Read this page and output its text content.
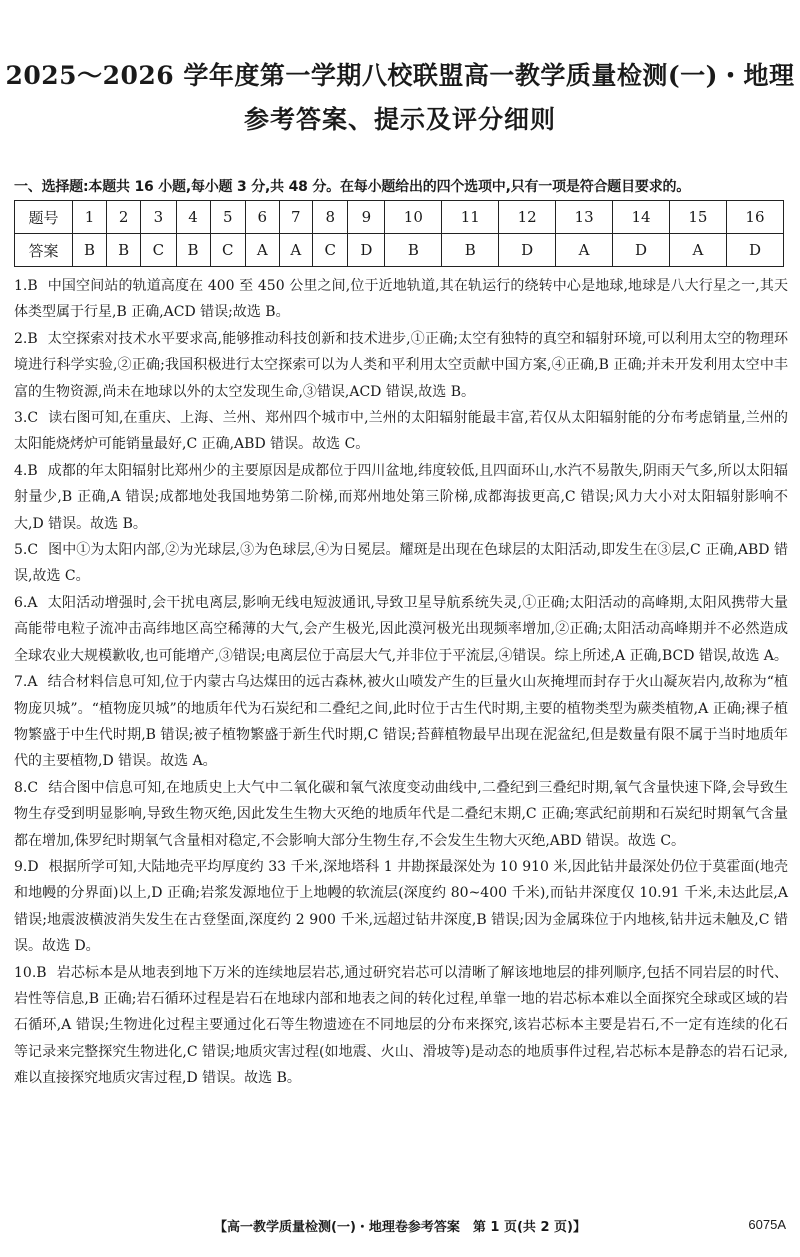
2025～2026 学年度第一学期八校联盟高一教学质量检测(一)・地理
参考答案、提示及评分细则
一、选择题:本题共 16 小题,每小题 3 分,共 48 分。在每小题给出的四个选项中,只有一项是符合题目要求的。
题号	1	2	3	4	5	6	7	8	9	10	11	12	13	14	15	16
答案	B	B	C	B	C	A	A	C	D	B	B	D	A	D	A	D
1.B 中国空间站的轨道高度在 400 至 450 公里之间,位于近地轨道,其在轨运行的绕转中心是地球,地球是八大行星之一,其天体类型属于行星,B 正确,ACD 错误;故选 B。
2.B 太空探索对技术水平要求高,能够推动科技创新和技术进步,①正确;太空有独特的真空和辐射环境,可以利用太空的物理环境进行科学实验,②正确;我国积极进行太空探索可以为人类和平利用太空贡献中国方案,④正确,B 正确;并未开发利用太空中丰富的生物资源,尚未在地球以外的太空发现生命,③错误,ACD 错误,故选 B。
3.C 读右图可知,在重庆、上海、兰州、郑州四个城市中,兰州的太阳辐射能最丰富,若仅从太阳辐射能的分布考虑销量,兰州的太阳能烧烤炉可能销量最好,C 正确,ABD 错误。故选 C。
4.B 成都的年太阳辐射比郑州少的主要原因是成都位于四川盆地,纬度较低,且四面环山,水汽不易散失,阴雨天气多,所以太阳辐射量少,B 正确,A 错误;成都地处我国地势第二阶梯,而郑州地处第三阶梯,成都海拔更高,C 错误;风力大小对太阳辐射影响不大,D 错误。故选 B。
5.C 图中①为太阳内部,②为光球层,③为色球层,④为日冕层。耀斑是出现在色球层的太阳活动,即发生在③层,C 正确,ABD 错误,故选 C。
6.A 太阳活动增强时,会干扰电离层,影响无线电短波通讯,导致卫星导航系统失灵,①正确;太阳活动的高峰期,太阳风携带大量高能带电粒子流冲击高纬地区高空稀薄的大气,会产生极光,因此漠河极光出现频率增加,②正确;太阳活动高峰期并不必然造成全球农业大规模歉收,也可能增产,③错误;电离层位于高层大气,并非位于平流层,④错误。综上所述,A 正确,BCD 错误,故选 A。
7.A 结合材料信息可知,位于内蒙古乌达煤田的远古森林,被火山喷发产生的巨量火山灰掩埋而封存于火山凝灰岩内,故称为“植物庞贝城”。“植物庞贝城”的地质年代为石炭纪和二叠纪之间,此时位于古生代时期,主要的植物类型为蕨类植物,A 正确;裸子植物繁盛于中生代时期,B 错误;被子植物繁盛于新生代时期,C 错误;苔藓植物最早出现在泥盆纪,但是数量有限不属于当时地质年代的主要植物,D 错误。故选 A。
8.C 结合图中信息可知,在地质史上大气中二氧化碳和氧气浓度变动曲线中,二叠纪到三叠纪时期,氧气含量快速下降,会导致生物生存受到明显影响,导致生物灭绝,因此发生生物大灭绝的地质年代是二叠纪末期,C 正确;寒武纪前期和石炭纪时期氧气含量都在增加,侏罗纪时期氧气含量相对稳定,不会影响大部分生物生存,不会发生生物大灭绝,ABD 错误。故选 C。
9.D 根据所学可知,大陆地壳平均厚度约 33 千米,深地塔科 1 井勘探最深处为 10 910 米,因此钻井最深处仍位于莫霍面(地壳和地幔的分界面)以上,D 正确;岩浆发源地位于上地幔的软流层(深度约 80~400 千米),而钻井深度仅 10.91 千米,未达此层,A 错误;地震波横波消失发生在古登堡面,深度约 2 900 千米,远超过钻井深度,B 错误;因为金属珠位于内地核,钻井远未触及,C 错误。故选 D。
10.B 岩芯标本是从地表到地下万米的连续地层岩芯,通过研究岩芯可以清晰了解该地地层的排列顺序,包括不同岩层的时代、岩性等信息,B 正确;岩石循环过程是岩石在地球内部和地表之间的转化过程,单靠一地的岩芯标本难以全面探究全球或区域的岩石循环,A 错误;生物进化过程主要通过化石等生物遗迹在不同地层的分布来探究,该岩芯标本主要是岩石,不一定有连续的化石等记录来完整探究生物进化,C 错误;地质灾害过程(如地震、火山、滑坡等)是动态的地质事件过程,岩芯标本是静态的岩石记录,难以直接探究地质灾害过程,D 错误。故选 B。
【高一教学质量检测(一)・地理卷参考答案　第 1 页(共 2 页)】	6075A
